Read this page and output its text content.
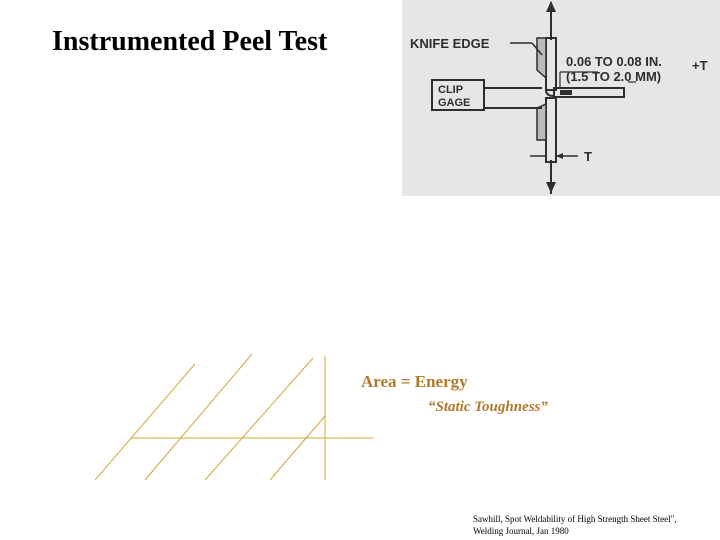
Instrumented Peel Test	KNIFE EDGE
0.06 TO 0.08 IN. +T
(1.5 TO 2.0 MM)
CLIP
GAGE
T
Area = Energy
“Static Toughness”
Sawhill, Spot Weldability of High Strength Sheet Steel",
Welding Journal, Jan 1980
